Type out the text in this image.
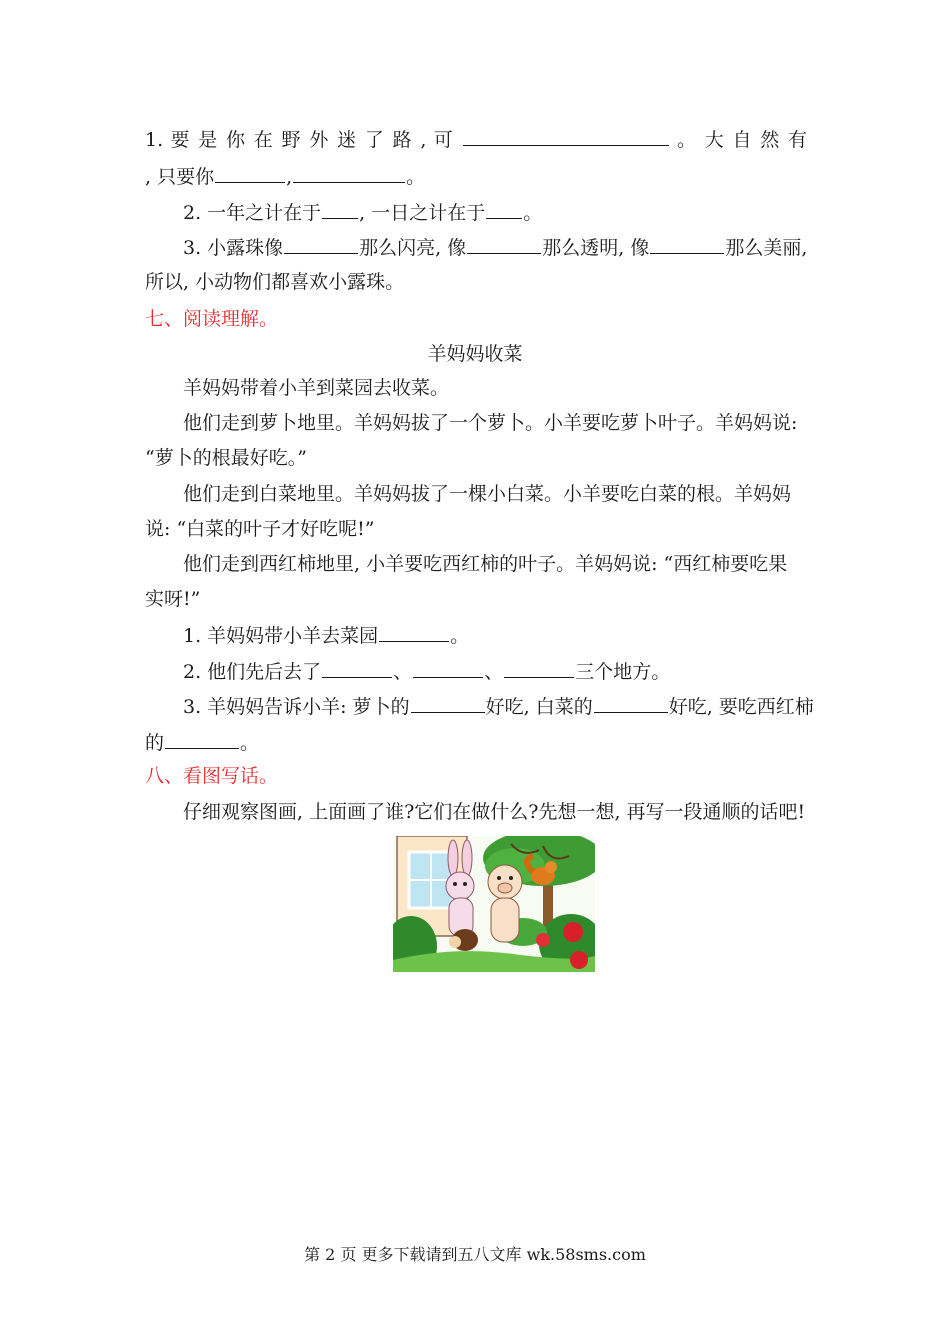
1. 要 是 你 在 野 外 迷 了 路 , 可	。 大 自 然 有
, 只要你	,	。
2. 一年之计在于 , 一日之计在于 。
3. 小露珠像	那么闪亮, 像	那么透明, 像	那么美丽,
所以, 小动物们都喜欢小露珠。
七、阅读理解。
羊妈妈收菜
羊妈妈带着小羊到菜园去收菜。
他们走到萝卜地里。羊妈妈拔了一个萝卜。小羊要吃萝卜叶子。羊妈妈说:
“萝卜的根最好吃。”
他们走到白菜地里。羊妈妈拔了一棵小白菜。小羊要吃白菜的根。羊妈妈
说: “白菜的叶子才好吃呢!”
他们走到西红柿地里, 小羊要吃西红柿的叶子。羊妈妈说: “西红柿要吃果
实呀!”
1. 羊妈妈带小羊去菜园	。
2. 他们先后去了	、	、	三个地方。
3. 羊妈妈告诉小羊: 萝卜的	好吃, 白菜的	好吃, 要吃西红柿
的	。
八、看图写话。
仔细观察图画, 上面画了谁?它们在做什么?先想一想, 再写一段通顺的话吧!
第 2 页 更多下载请到五八文库 wk.58sms.com
